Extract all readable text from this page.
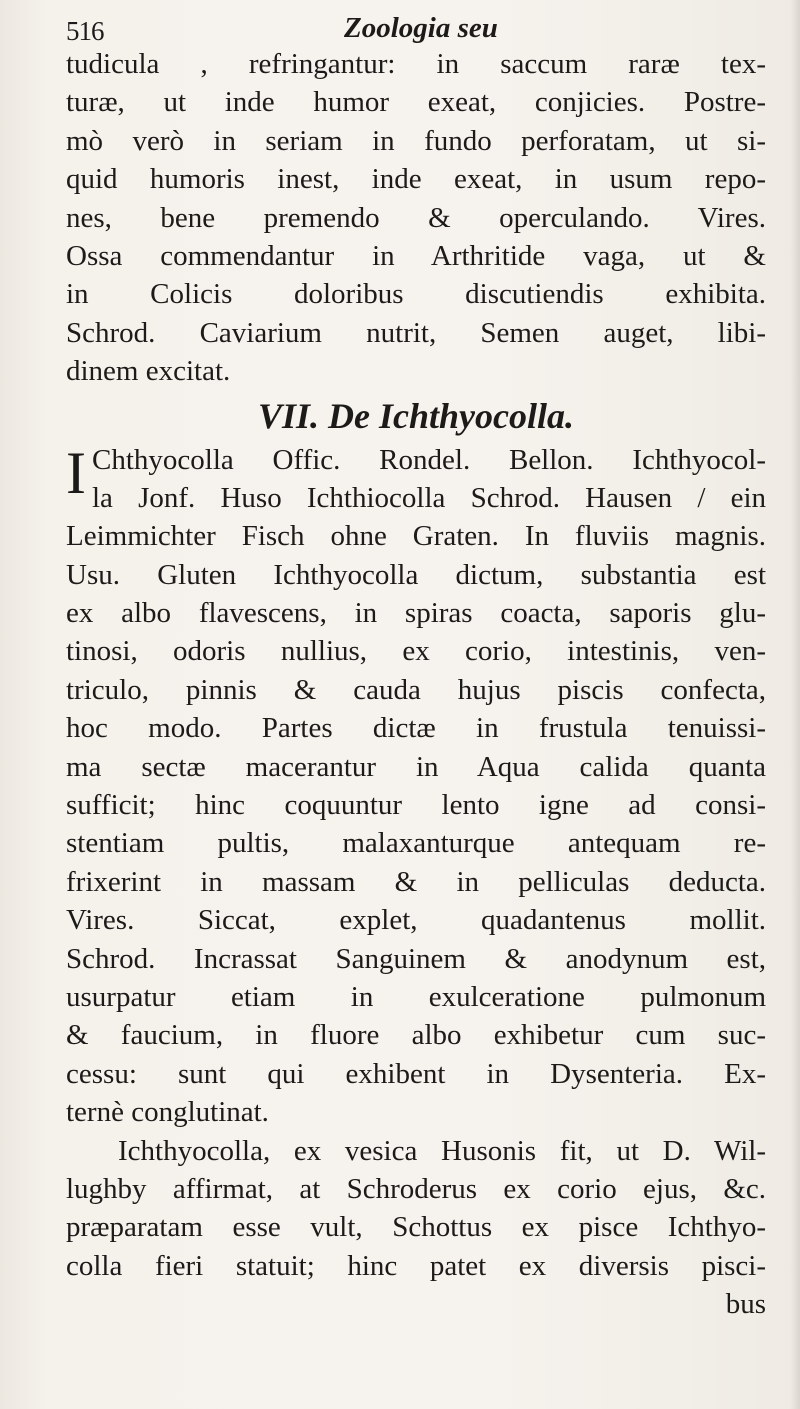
516	Zoologia seu
tudicula , refringantur: in saccum raræ tex-
turæ, ut inde humor exeat, conjicies. Postre-
mò verò in seriam in fundo perforatam, ut si-
quid humoris inest, inde exeat, in usum repo-
nes, bene premendo & operculando. Vires.
Ossa commendantur in Arthritide vaga, ut &
in Colicis doloribus discutiendis exhibita.
Schrod. Caviarium nutrit, Semen auget, libi-
dinem excitat.
VII. De Ichthyocolla.
I Chthyocolla Offic. Rondel. Bellon. Ichthyocol-
la Jonf. Huso Ichthiocolla Schrod. Hausen / ein
Leimmichter Fisch ohne Graten. In fluviis magnis.
Usu. Gluten Ichthyocolla dictum, substantia est
ex albo flavescens, in spiras coacta, saporis glu-
tinosi, odoris nullius, ex corio, intestinis, ven-
triculo, pinnis & cauda hujus piscis confecta,
hoc modo. Partes dictæ in frustula tenuissi-
ma sectæ macerantur in Aqua calida quanta
sufficit; hinc coquuntur lento igne ad consi-
stentiam pultis, malaxanturque antequam re-
frixerint in massam & in pelliculas deducta.
Vires. Siccat, explet, quadantenus mollit.
Schrod. Incrassat Sanguinem & anodynum est,
usurpatur etiam in exulceratione pulmonum
& faucium, in fluore albo exhibetur cum suc-
cessu: sunt qui exhibent in Dysenteria. Ex-
ternè conglutinat.
Ichthyocolla, ex vesica Husonis fit, ut D. Wil-
lughby affirmat, at Schroderus ex corio ejus, &c.
præparatam esse vult, Schottus ex pisce Ichthyo-
colla fieri statuit; hinc patet ex diversis pisci-
bus
